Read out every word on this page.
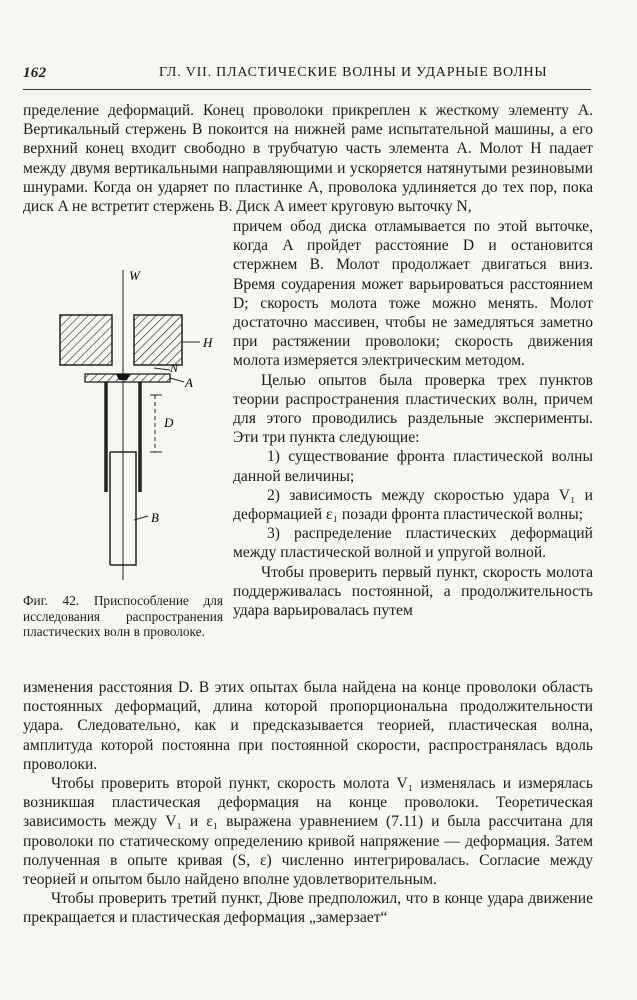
162	ГЛ. VII. ПЛАСТИЧЕСКИЕ ВОЛНЫ И УДАРНЫЕ ВОЛНЫ

пределение деформаций. Конец проволоки прикреплен к жесткому элементу A. Вертикальный стержень B покоится на нижней раме испытательной машины, а его верхний конец входит свободно в трубчатую часть элемента A. Молот H падает между двумя вертикальными направляющими и ускоряется натянутыми резиновыми шнурами. Когда он ударяет по пластинке A, проволока удлиняется до тех пор, пока диск A не встретит стержень B. Диск A имеет круговую выточку N,

причем обод диска отламывается по этой выточке, когда A пройдет расстояние D и остановится стержнем B. Молот продолжает двигаться вниз. Время соударения может варьироваться расстоянием D; скорость молота тоже можно менять. Молот достаточно массивен, чтобы не замедляться заметно при растяжении проволоки; скорость движения молота измеряется электрическим методом.

Целью опытов была проверка трех пунктов теории распространения пластических волн, причем для этого проводились раздельные эксперименты. Эти три пункта следующие:

1) существование фронта пластической волны данной величины;

2) зависимость между скоростью удара V₁ и деформацией ε₁ позади фронта пластической волны;

3) распределение пластических деформаций между пластической волной и упругой волной.

Чтобы проверить первый пункт, скорость молота поддерживалась постоянной, а продолжительность удара варьировалась путем

изменения расстояния D. В этих опытах была найдена на конце проволоки область постоянных деформаций, длина которой пропорциональна продолжительности удара. Следовательно, как и предсказывается теорией, пластическая волна, амплитуда которой постоянна при постоянной скорости, распространялась вдоль проволоки.

Чтобы проверить второй пункт, скорость молота V₁ изменялась и измерялась возникшая пластическая деформация на конце проволоки. Теоретическая зависимость между V₁ и ε₁ выражена уравнением (7.11) и была рассчитана для проволоки по статическому определению кривой напряжение — деформация. Затем полученная в опыте кривая (S, ε) численно интегрировалась. Согласие между теорией и опытом было найдено вполне удовлетворительным.

Чтобы проверить третий пункт, Дюве предположил, что в конце удара движение прекращается и пластическая деформация „замерзает“

W
H
N
A
D
B
Фиг. 42. Приспособление для исследования распространения пластических волн в проволоке.
